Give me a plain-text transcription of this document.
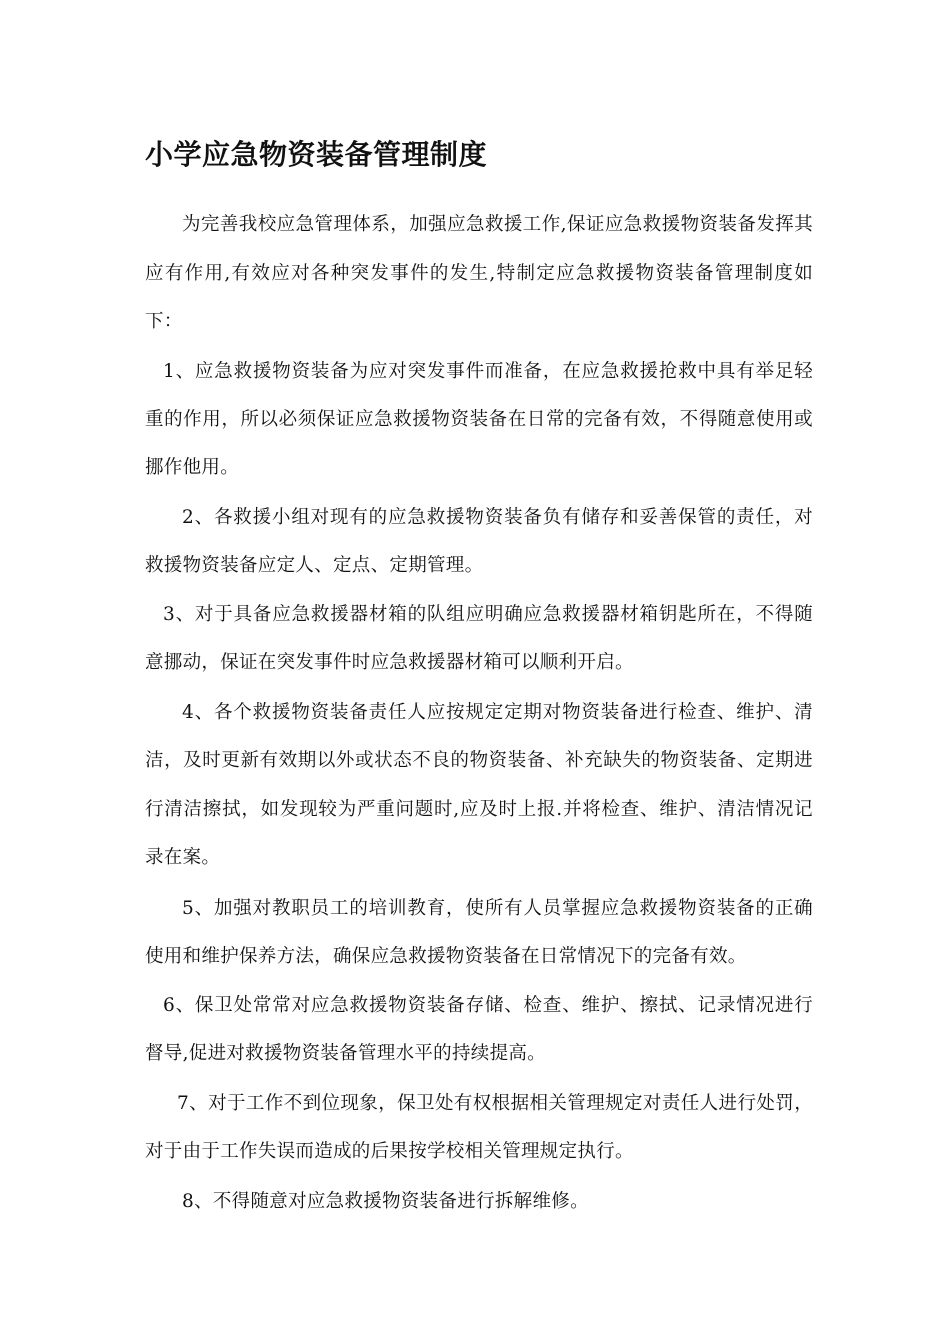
小学应急物资装备管理制度

为完善我校应急管理体系，加强应急救援工作,保证应急救援物资装备发挥其应有作用,有效应对各种突发事件的发生,特制定应急救援物资装备管理制度如下：

1、应急救援物资装备为应对突发事件而准备，在应急救援抢救中具有举足轻重的作用，所以必须保证应急救援物资装备在日常的完备有效，不得随意使用或挪作他用。

2、各救援小组对现有的应急救援物资装备负有储存和妥善保管的责任，对救援物资装备应定人、定点、定期管理。

3、对于具备应急救援器材箱的队组应明确应急救援器材箱钥匙所在，不得随意挪动，保证在突发事件时应急救援器材箱可以顺利开启。

4、各个救援物资装备责任人应按规定定期对物资装备进行检查、维护、清洁，及时更新有效期以外或状态不良的物资装备、补充缺失的物资装备、定期进行清洁擦拭，如发现较为严重问题时,应及时上报.并将检查、维护、清洁情况记录在案。

5、加强对教职员工的培训教育，使所有人员掌握应急救援物资装备的正确使用和维护保养方法，确保应急救援物资装备在日常情况下的完备有效。

6、保卫处常常对应急救援物资装备存储、检查、维护、擦拭、记录情况进行督导,促进对救援物资装备管理水平的持续提高。

7、对于工作不到位现象，保卫处有权根据相关管理规定对责任人进行处罚，对于由于工作失误而造成的后果按学校相关管理规定执行。

8、不得随意对应急救援物资装备进行拆解维修。
